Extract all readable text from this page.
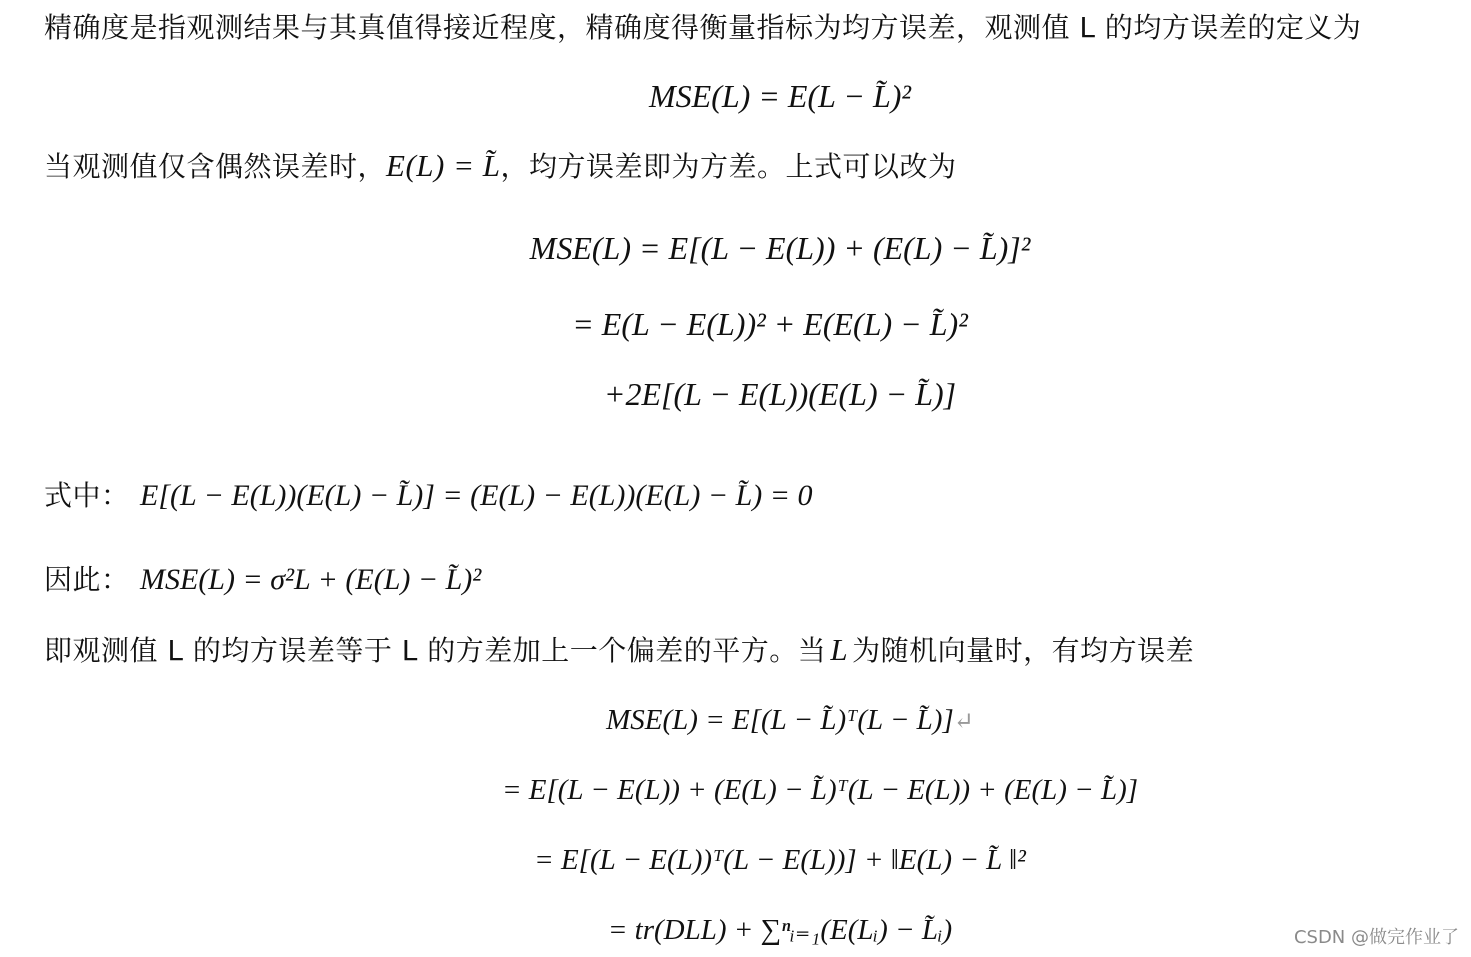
精确度是指观测结果与其真值得接近程度，精确度得衡量指标为均方误差，观测值 L 的均方误差的定义为
MSE(L) = E(L − L̃)²
当观测值仅含偶然误差时，E(L) = L̃，均方误差即为方差。上式可以改为
MSE(L) = E[(L − E(L)) + (E(L) − L̃)]²
= E(L − E(L))² + E(E(L) − L̃)²
+2E[(L − E(L))(E(L) − L̃)]
式中： E[(L − E(L))(E(L) − L̃)] = (E(L) − E(L))(E(L) − L̃) = 0
因此： MSE(L) = σ²L + (E(L) − L̃)²
即观测值 L 的均方误差等于 L 的方差加上一个偏差的平方。当 L 为随机向量时，有均方误差
MSE(L) = E[(L − L̃)ᵀ(L − L̃)]↵
= E[(L − E(L)) + (E(L) − L̃)ᵀ(L − E(L)) + (E(L) − L̃)]
= E[(L − E(L))ᵀ(L − E(L))] + ‖E(L) − L̃ ‖²
= tr(DLL) + ∑ⁿᵢ₌₁(E(Lᵢ) − L̃ᵢ)	CSDN @做完作业了
